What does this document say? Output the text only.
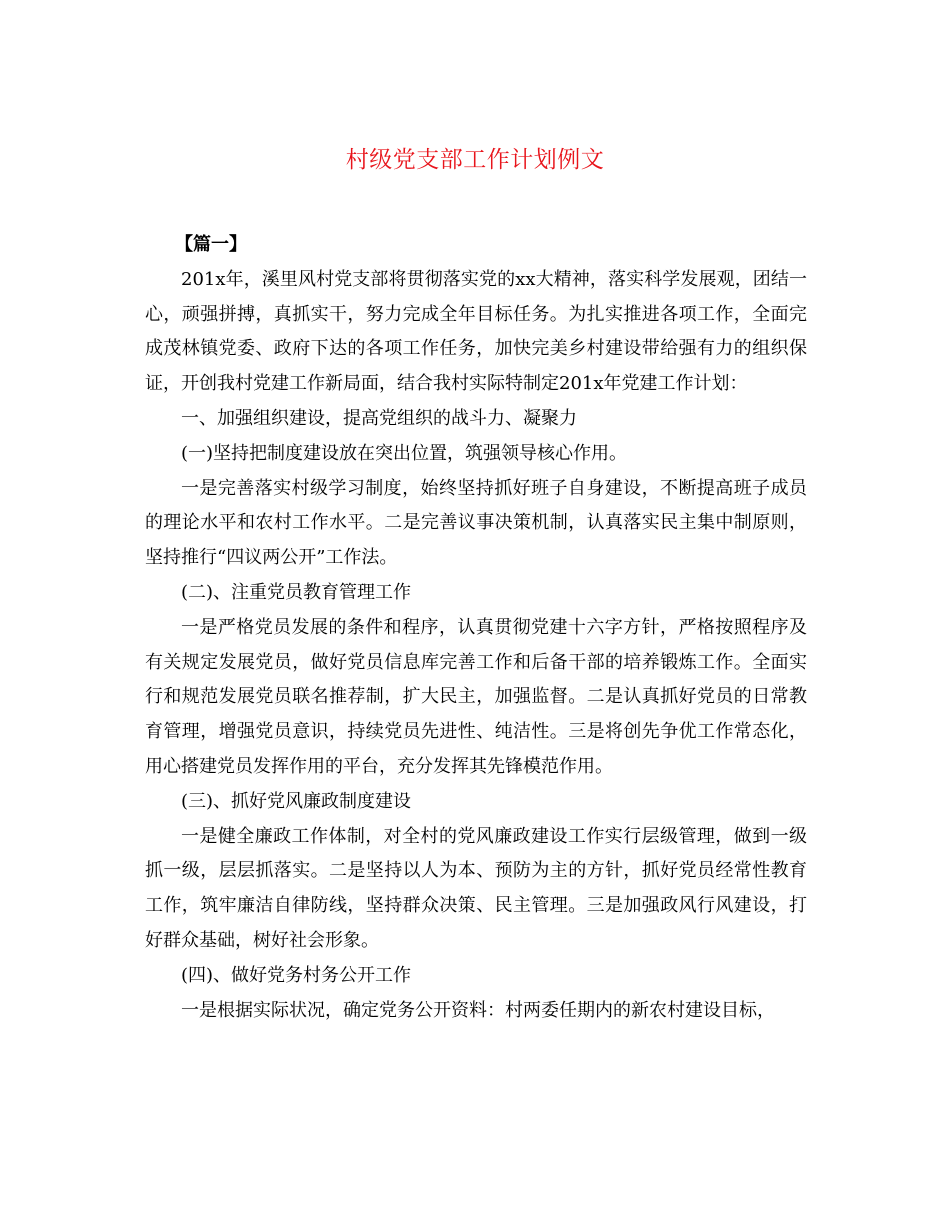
村级党支部工作计划例文

【篇一】

201x年，溪里风村党支部将贯彻落实党的xx大精神，落实科学发展观，团结一心，顽强拼搏，真抓实干，努力完成全年目标任务。为扎实推进各项工作，全面完成茂林镇党委、政府下达的各项工作任务，加快完美乡村建设带给强有力的组织保证，开创我村党建工作新局面，结合我村实际特制定201x年党建工作计划：

一、加强组织建设，提高党组织的战斗力、凝聚力

(一)坚持把制度建设放在突出位置，筑强领导核心作用。

一是完善落实村级学习制度，始终坚持抓好班子自身建设，不断提高班子成员的理论水平和农村工作水平。二是完善议事决策机制，认真落实民主集中制原则，坚持推行“四议两公开”工作法。

(二)、注重党员教育管理工作

一是严格党员发展的条件和程序，认真贯彻党建十六字方针，严格按照程序及有关规定发展党员，做好党员信息库完善工作和后备干部的培养锻炼工作。全面实行和规范发展党员联名推荐制，扩大民主，加强监督。二是认真抓好党员的日常教育管理，增强党员意识，持续党员先进性、纯洁性。三是将创先争优工作常态化，用心搭建党员发挥作用的平台，充分发挥其先锋模范作用。

(三)、抓好党风廉政制度建设

一是健全廉政工作体制，对全村的党风廉政建设工作实行层级管理，做到一级抓一级，层层抓落实。二是坚持以人为本、预防为主的方针，抓好党员经常性教育工作，筑牢廉洁自律防线，坚持群众决策、民主管理。三是加强政风行风建设，打好群众基础，树好社会形象。

(四)、做好党务村务公开工作

一是根据实际状况，确定党务公开资料：村两委任期内的新农村建设目标，
